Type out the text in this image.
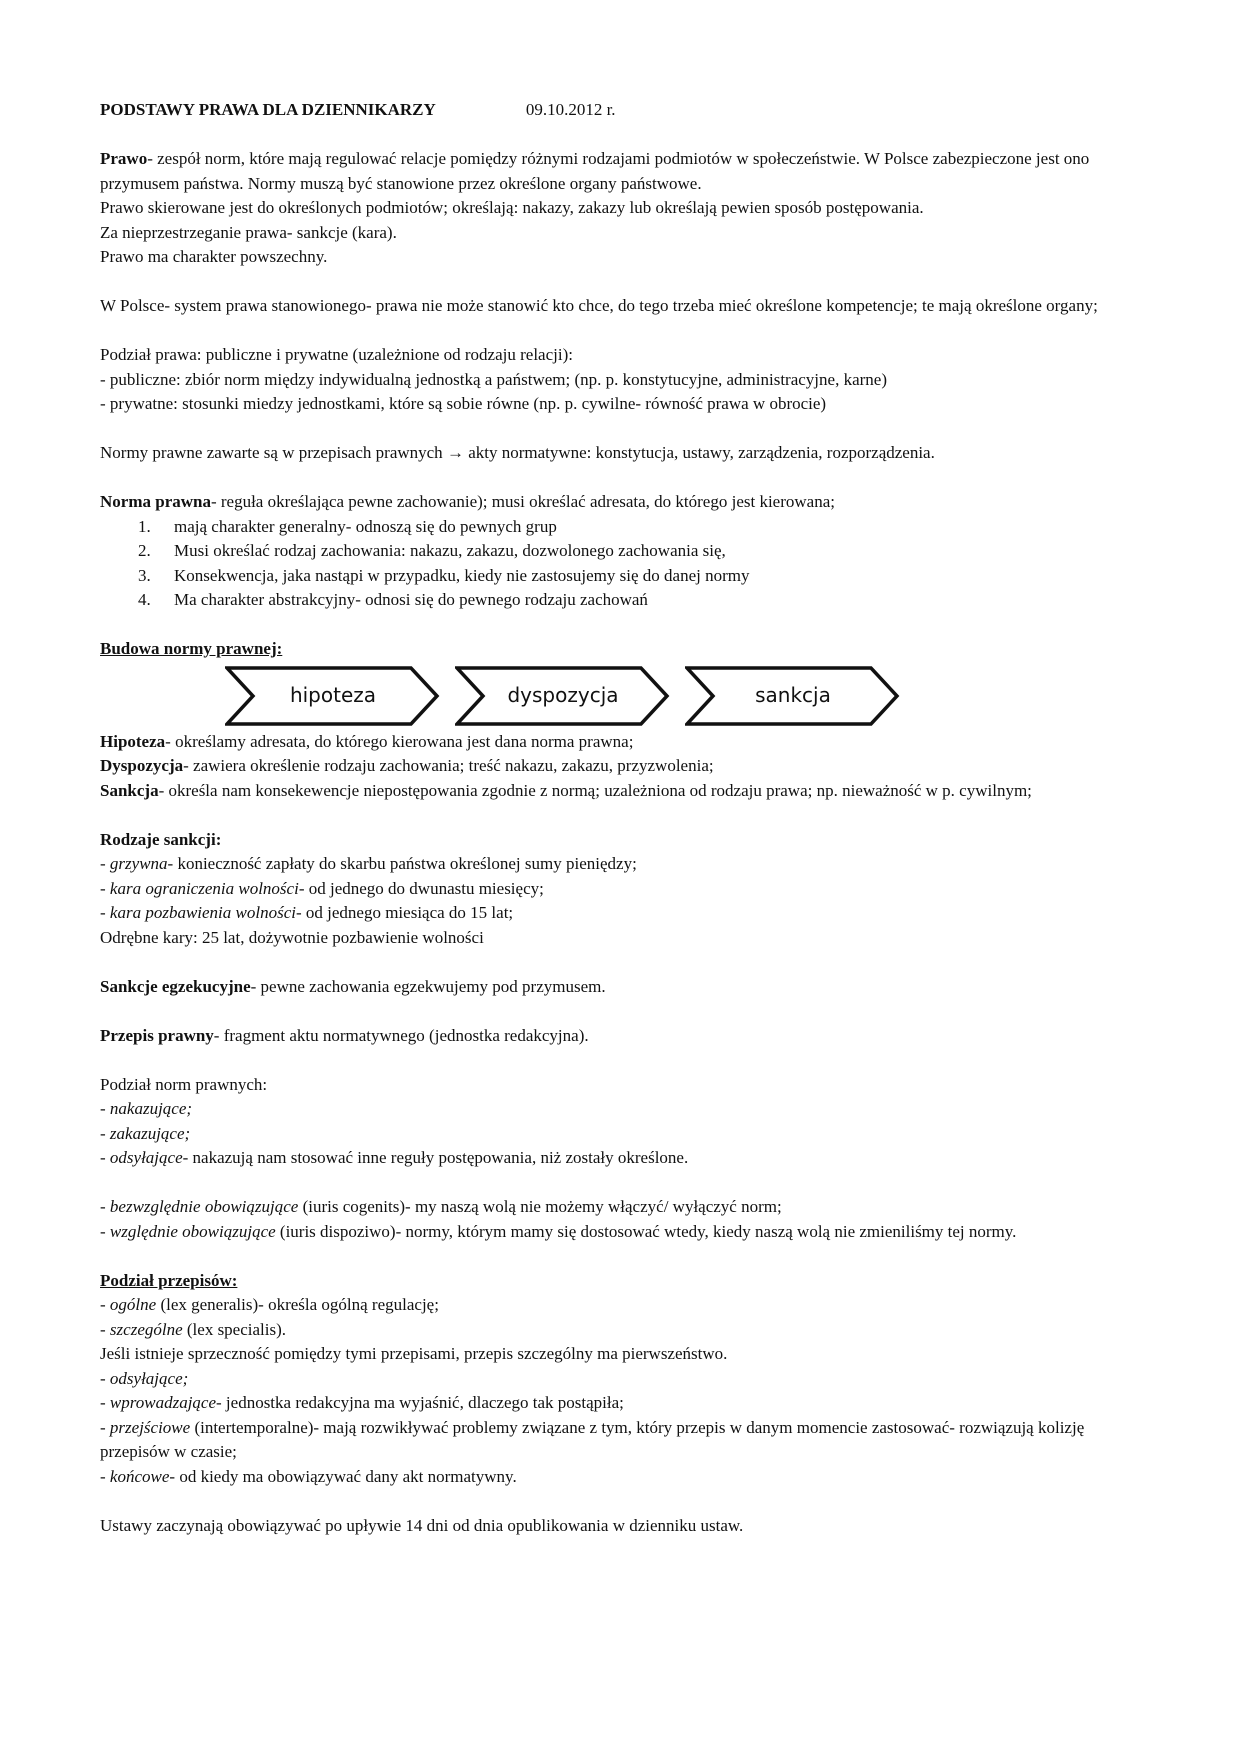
PODSTAWY PRAWA DLA DZIENNIKARZY	09.10.2012 r.

Prawo- zespół norm, które mają regulować relacje pomiędzy różnymi rodzajami podmiotów w społeczeństwie. W Polsce zabezpieczone jest ono przymusem państwa. Normy muszą być stanowione przez określone organy państwowe.

Prawo skierowane jest do określonych podmiotów; określają: nakazy, zakazy lub określają pewien sposób postępowania.

Za nieprzestrzeganie prawa- sankcje (kara).

Prawo ma charakter powszechny.

W Polsce- system prawa stanowionego- prawa nie może stanowić kto chce, do tego trzeba mieć określone kompetencje; te mają określone organy;

Podział prawa: publiczne i prywatne (uzależnione od rodzaju relacji):

- publiczne: zbiór norm między indywidualną jednostką a państwem; (np. p. konstytucyjne, administracyjne, karne)

- prywatne: stosunki miedzy jednostkami, które są sobie równe (np. p. cywilne- równość prawa w obrocie)

Normy prawne zawarte są w przepisach prawnych → akty normatywne: konstytucja, ustawy, zarządzenia, rozporządzenia.

Norma prawna- reguła określająca pewne zachowanie); musi określać adresata, do którego jest kierowana;

1. mają charakter generalny- odnoszą się do pewnych grup
2. Musi określać rodzaj zachowania: nakazu, zakazu, dozwolonego zachowania się,
3. Konsekwencja, jaka nastąpi w przypadku, kiedy nie zastosujemy się do danej normy
4. Ma charakter abstrakcyjny- odnosi się do pewnego rodzaju zachowań

Budowa normy prawnej:

hipoteza	dyspozycja	sankcja

Hipoteza- określamy adresata, do którego kierowana jest dana norma prawna;

Dyspozycja- zawiera określenie rodzaju zachowania; treść nakazu, zakazu, przyzwolenia;

Sankcja- określa nam konsekewencje niepostępowania zgodnie z normą; uzależniona od rodzaju prawa; np. nieważność w p. cywilnym;

Rodzaje sankcji:

- grzywna- konieczność zapłaty do skarbu państwa określonej sumy pieniędzy;

- kara ograniczenia wolności- od jednego do dwunastu miesięcy;

- kara pozbawienia wolności- od jednego miesiąca do 15 lat;

Odrębne kary: 25 lat, dożywotnie pozbawienie wolności

Sankcje egzekucyjne- pewne zachowania egzekwujemy pod przymusem.

Przepis prawny- fragment aktu normatywnego (jednostka redakcyjna).

Podział norm prawnych:

- nakazujące;

- zakazujące;

- odsyłające- nakazują nam stosować inne reguły postępowania, niż zostały określone.

- bezwzględnie obowiązujące (iuris cogenits)- my naszą wolą nie możemy włączyć/ wyłączyć norm;

- względnie obowiązujące (iuris dispoziwo)- normy, którym mamy się dostosować wtedy, kiedy naszą wolą nie zmieniliśmy tej normy.

Podział przepisów:

- ogólne (lex generalis)- określa ogólną regulację;

- szczególne (lex specialis).

Jeśli istnieje sprzeczność pomiędzy tymi przepisami, przepis szczególny ma pierwszeństwo.

- odsyłające;

- wprowadzające- jednostka redakcyjna ma wyjaśnić, dlaczego tak postąpiła;

- przejściowe (intertemporalne)- mają rozwikływać problemy związane z tym, który przepis w danym momencie zastosować- rozwiązują kolizję przepisów w czasie;

- końcowe- od kiedy ma obowiązywać dany akt normatywny.

Ustawy zaczynają obowiązywać po upływie 14 dni od dnia opublikowania w dzienniku ustaw.
